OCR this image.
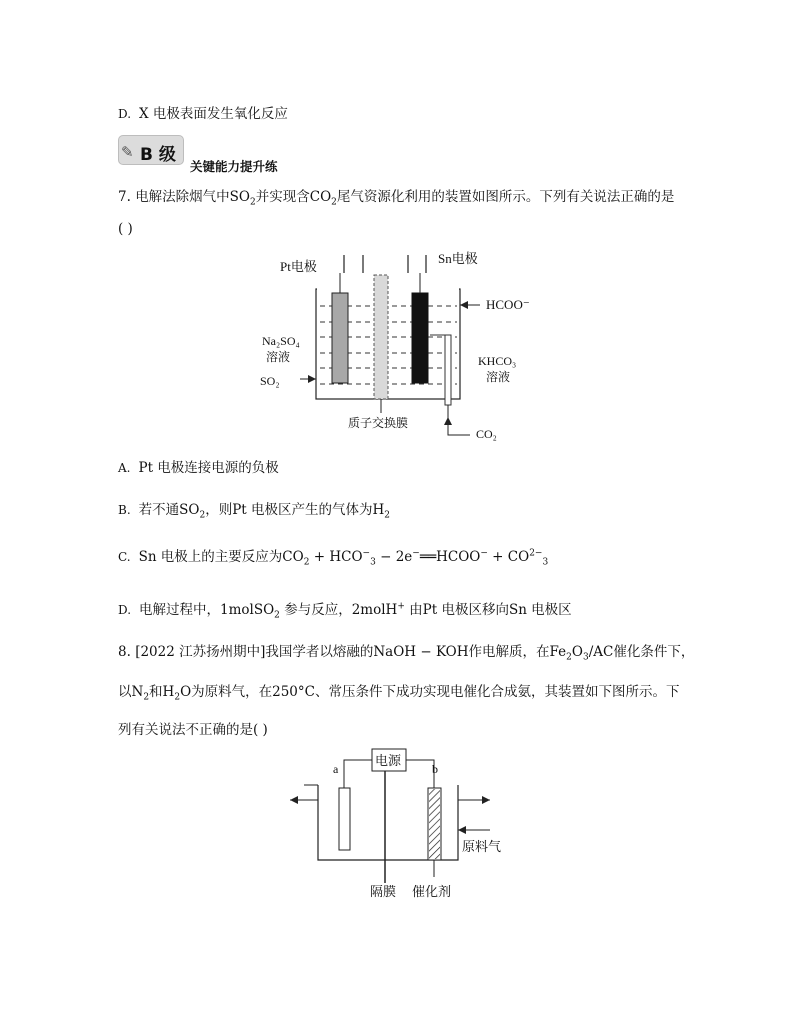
D. X 电极表面发生氧化反应
✎ B 级
关键能力提升练
7. 电解法除烟气中$SO_2$并实现含$CO_2$尾气资源化利用的装置如图所示。下列有关说法正确的是
( )
Pt电极
Sn电极
HCOO⁻
Na₂SO₄
溶液	KHCO₃
溶液
SO₂
质子交换膜
CO₂
A. Pt 电极连接电源的负极
B. 若不通$SO_2$，则Pt 电极区产生的气体为$H_2$
C. Sn 电极上的主要反应为$CO_2 + HCO^-_3$ − 2e−══HCOO− + $CO^{2-}_3$
D. 电解过程中，1molSO$_2$ 参与反应，2molH+ 由Pt 电极区移向Sn 电极区
8. [2022 江苏扬州期中]我国学者以熔融的NaOH − KOH作电解质，在$Fe_2O_3/AC$催化条件下，
以$N_2$和$H_2O$为原料气，在250°C、常压条件下成功实现电催化合成氨，其装置如下图所示。下
列有关说法不正确的是( )
电源
a	b
原料气
隔膜 催化剂
